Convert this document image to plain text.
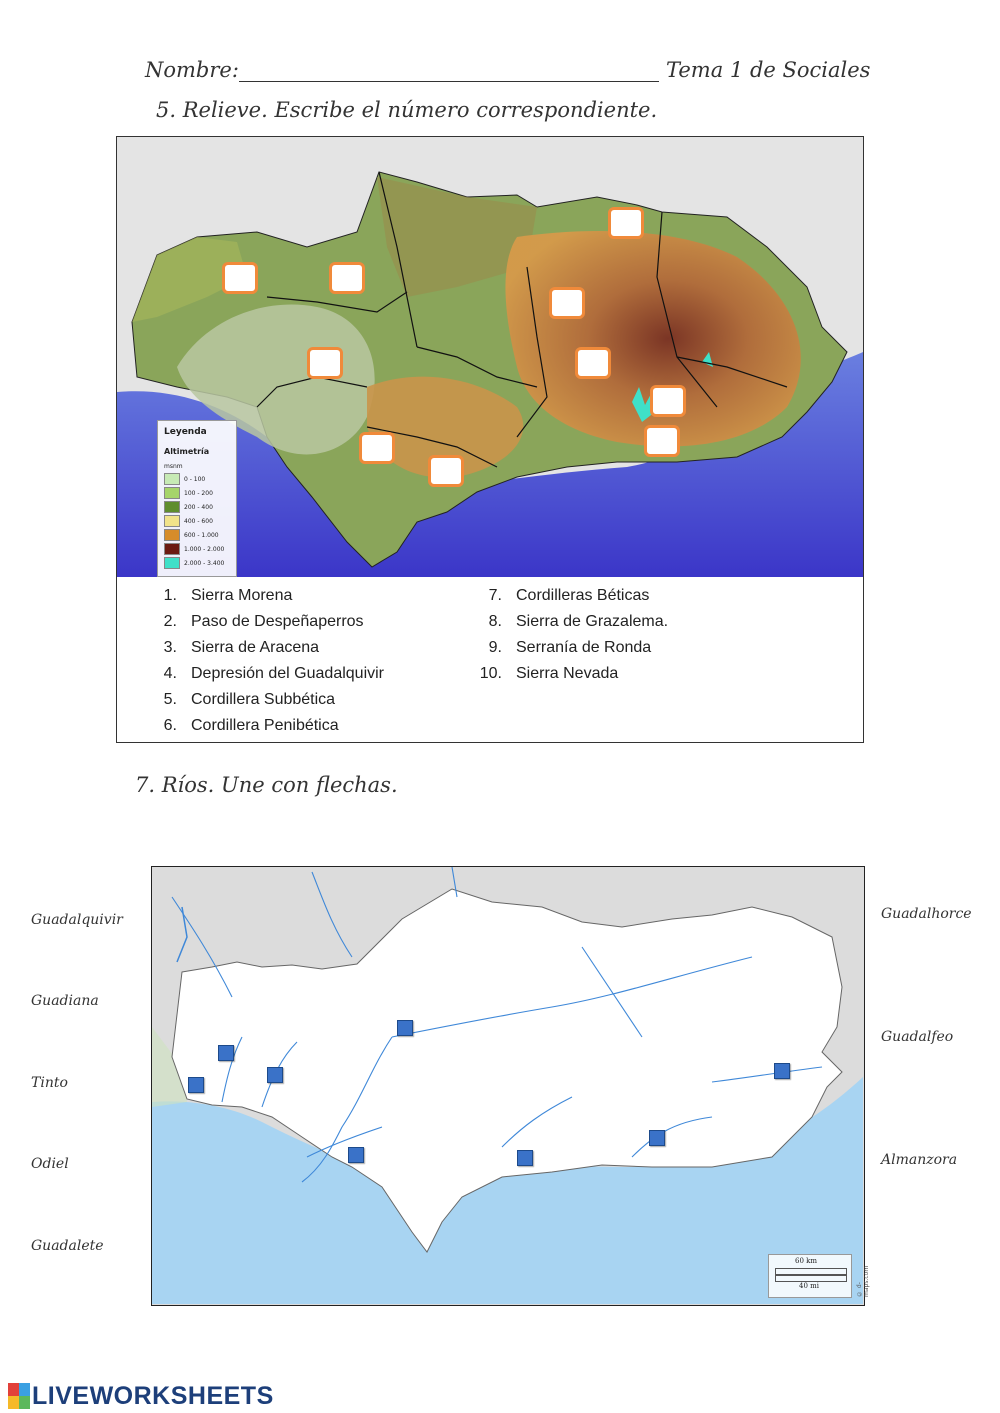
Nombre:	Tema 1 de Sociales
5. Relieve. Escribe el número correspondiente.
Leyenda
Altimetría
msnm
0 - 100
100 - 200
200 - 400
400 - 600
600 - 1.000
1.000 - 2.000
2.000 - 3.400
1. Sierra Morena
2. Paso de Despeñaperros
3. Sierra de Aracena
4. Depresión del Guadalquivir
5. Cordillera Subbética
6. Cordillera Penibética
7. Cordilleras Béticas
8. Sierra de Grazalema.
9. Serranía de Ronda
10. Sierra Nevada
7. Ríos. Une con flechas.
Guadalquivir
Guadiana
Tinto
Odiel
Guadalete
Guadalhorce
Guadalfeo
Almanzora
60 km
40 mi	© d-maps.com
LIVEWORKSHEETS
